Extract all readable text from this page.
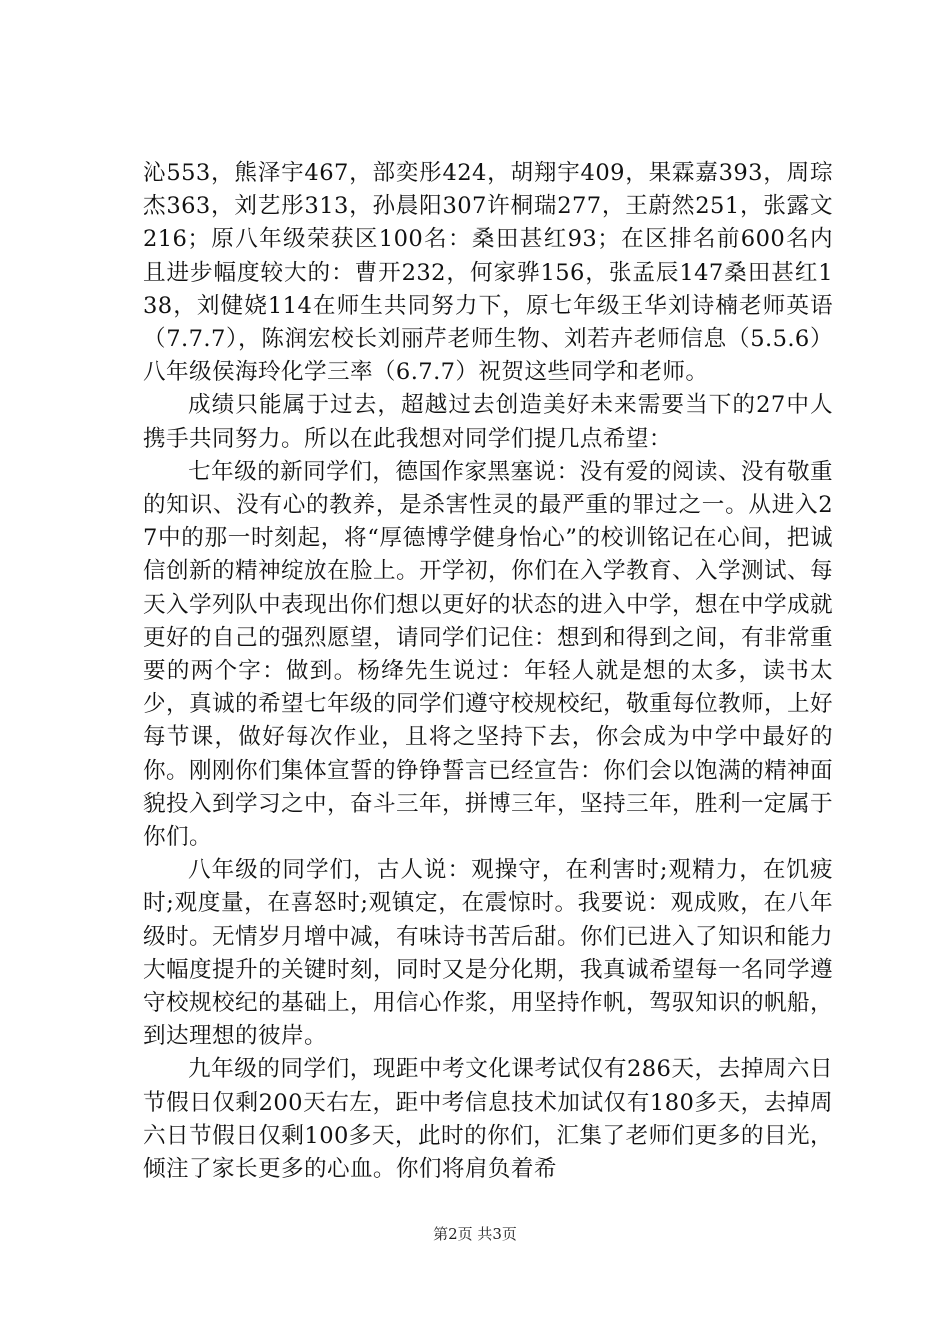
沁553，熊泽宇467，部奕彤424，胡翔宇409，果霖嘉393，周琮杰363，刘艺彤313，孙晨阳307许桐瑞277，王蔚然251，张露文216；原八年级荣获区100名：桑田甚红93；在区排名前600名内且进步幅度较大的：曹开232，何家骅156，张孟辰147桑田甚红138，刘健娆114在师生共同努力下，原七年级王华刘诗楠老师英语（7.7.7），陈润宏校长刘丽芹老师生物、刘若卉老师信息（5.5.6）八年级侯海玲化学三率（6.7.7）祝贺这些同学和老师。

成绩只能属于过去，超越过去创造美好未来需要当下的27中人携手共同努力。所以在此我想对同学们提几点希望：

七年级的新同学们，德国作家黑塞说：没有爱的阅读、没有敬重的知识、没有心的教养，是杀害性灵的最严重的罪过之一。从进入27中的那一时刻起，将“厚德博学健身怡心”的校训铭记在心间，把诚信创新的精神绽放在脸上。开学初，你们在入学教育、入学测试、每天入学列队中表现出你们想以更好的状态的进入中学，想在中学成就更好的自己的强烈愿望，请同学们记住：想到和得到之间，有非常重要的两个字：做到。杨绛先生说过：年轻人就是想的太多，读书太少，真诚的希望七年级的同学们遵守校规校纪，敬重每位教师，上好每节课，做好每次作业，且将之坚持下去，你会成为中学中最好的你。刚刚你们集体宣誓的铮铮誓言已经宣告：你们会以饱满的精神面貌投入到学习之中，奋斗三年，拼博三年，坚持三年，胜利一定属于你们。

八年级的同学们，古人说：观操守，在利害时;观精力，在饥疲时;观度量，在喜怒时;观镇定，在震惊时。我要说：观成败，在八年级时。无情岁月增中减，有味诗书苦后甜。你们已进入了知识和能力大幅度提升的关键时刻，同时又是分化期，我真诚希望每一名同学遵守校规校纪的基础上，用信心作浆，用坚持作帆，驾驭知识的帆船，到达理想的彼岸。

九年级的同学们，现距中考文化课考试仅有286天，去掉周六日节假日仅剩200天右左，距中考信息技术加试仅有180多天，去掉周六日节假日仅剩100多天，此时的你们，汇集了老师们更多的目光，倾注了家长更多的心血。你们将肩负着希

第2页 共3页
